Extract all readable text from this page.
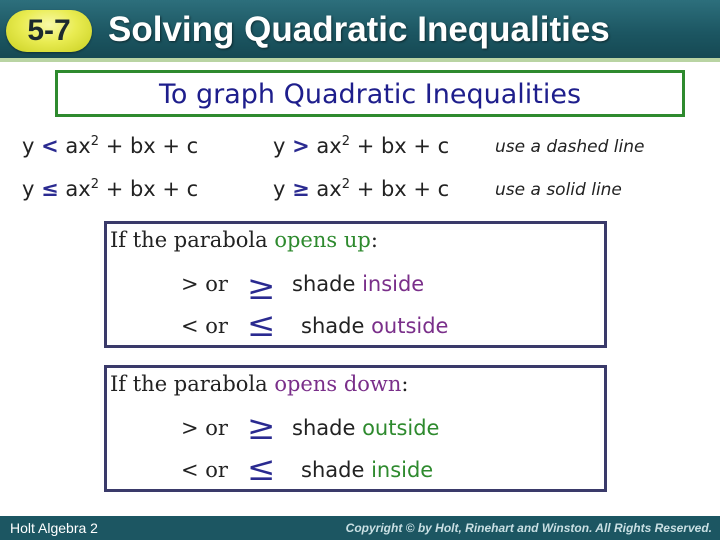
5-7	Solving Quadratic Inequalities
To graph Quadratic Inequalities
$y < ax^2$ + bx + c	$y > ax^2$ + bx + c	use a dashed line
$y \le ax^2$ + bx + c	$y \ge ax^2$ + bx + c	use a solid line
If the parabola opens up:
> or ≥ shade inside
< or ≤ shade outside
If the parabola opens down:
> or ≥ shade outside
< or ≤ shade inside
Holt Algebra 2	Copyright © by Holt, Rinehart and Winston. All Rights Reserved.
